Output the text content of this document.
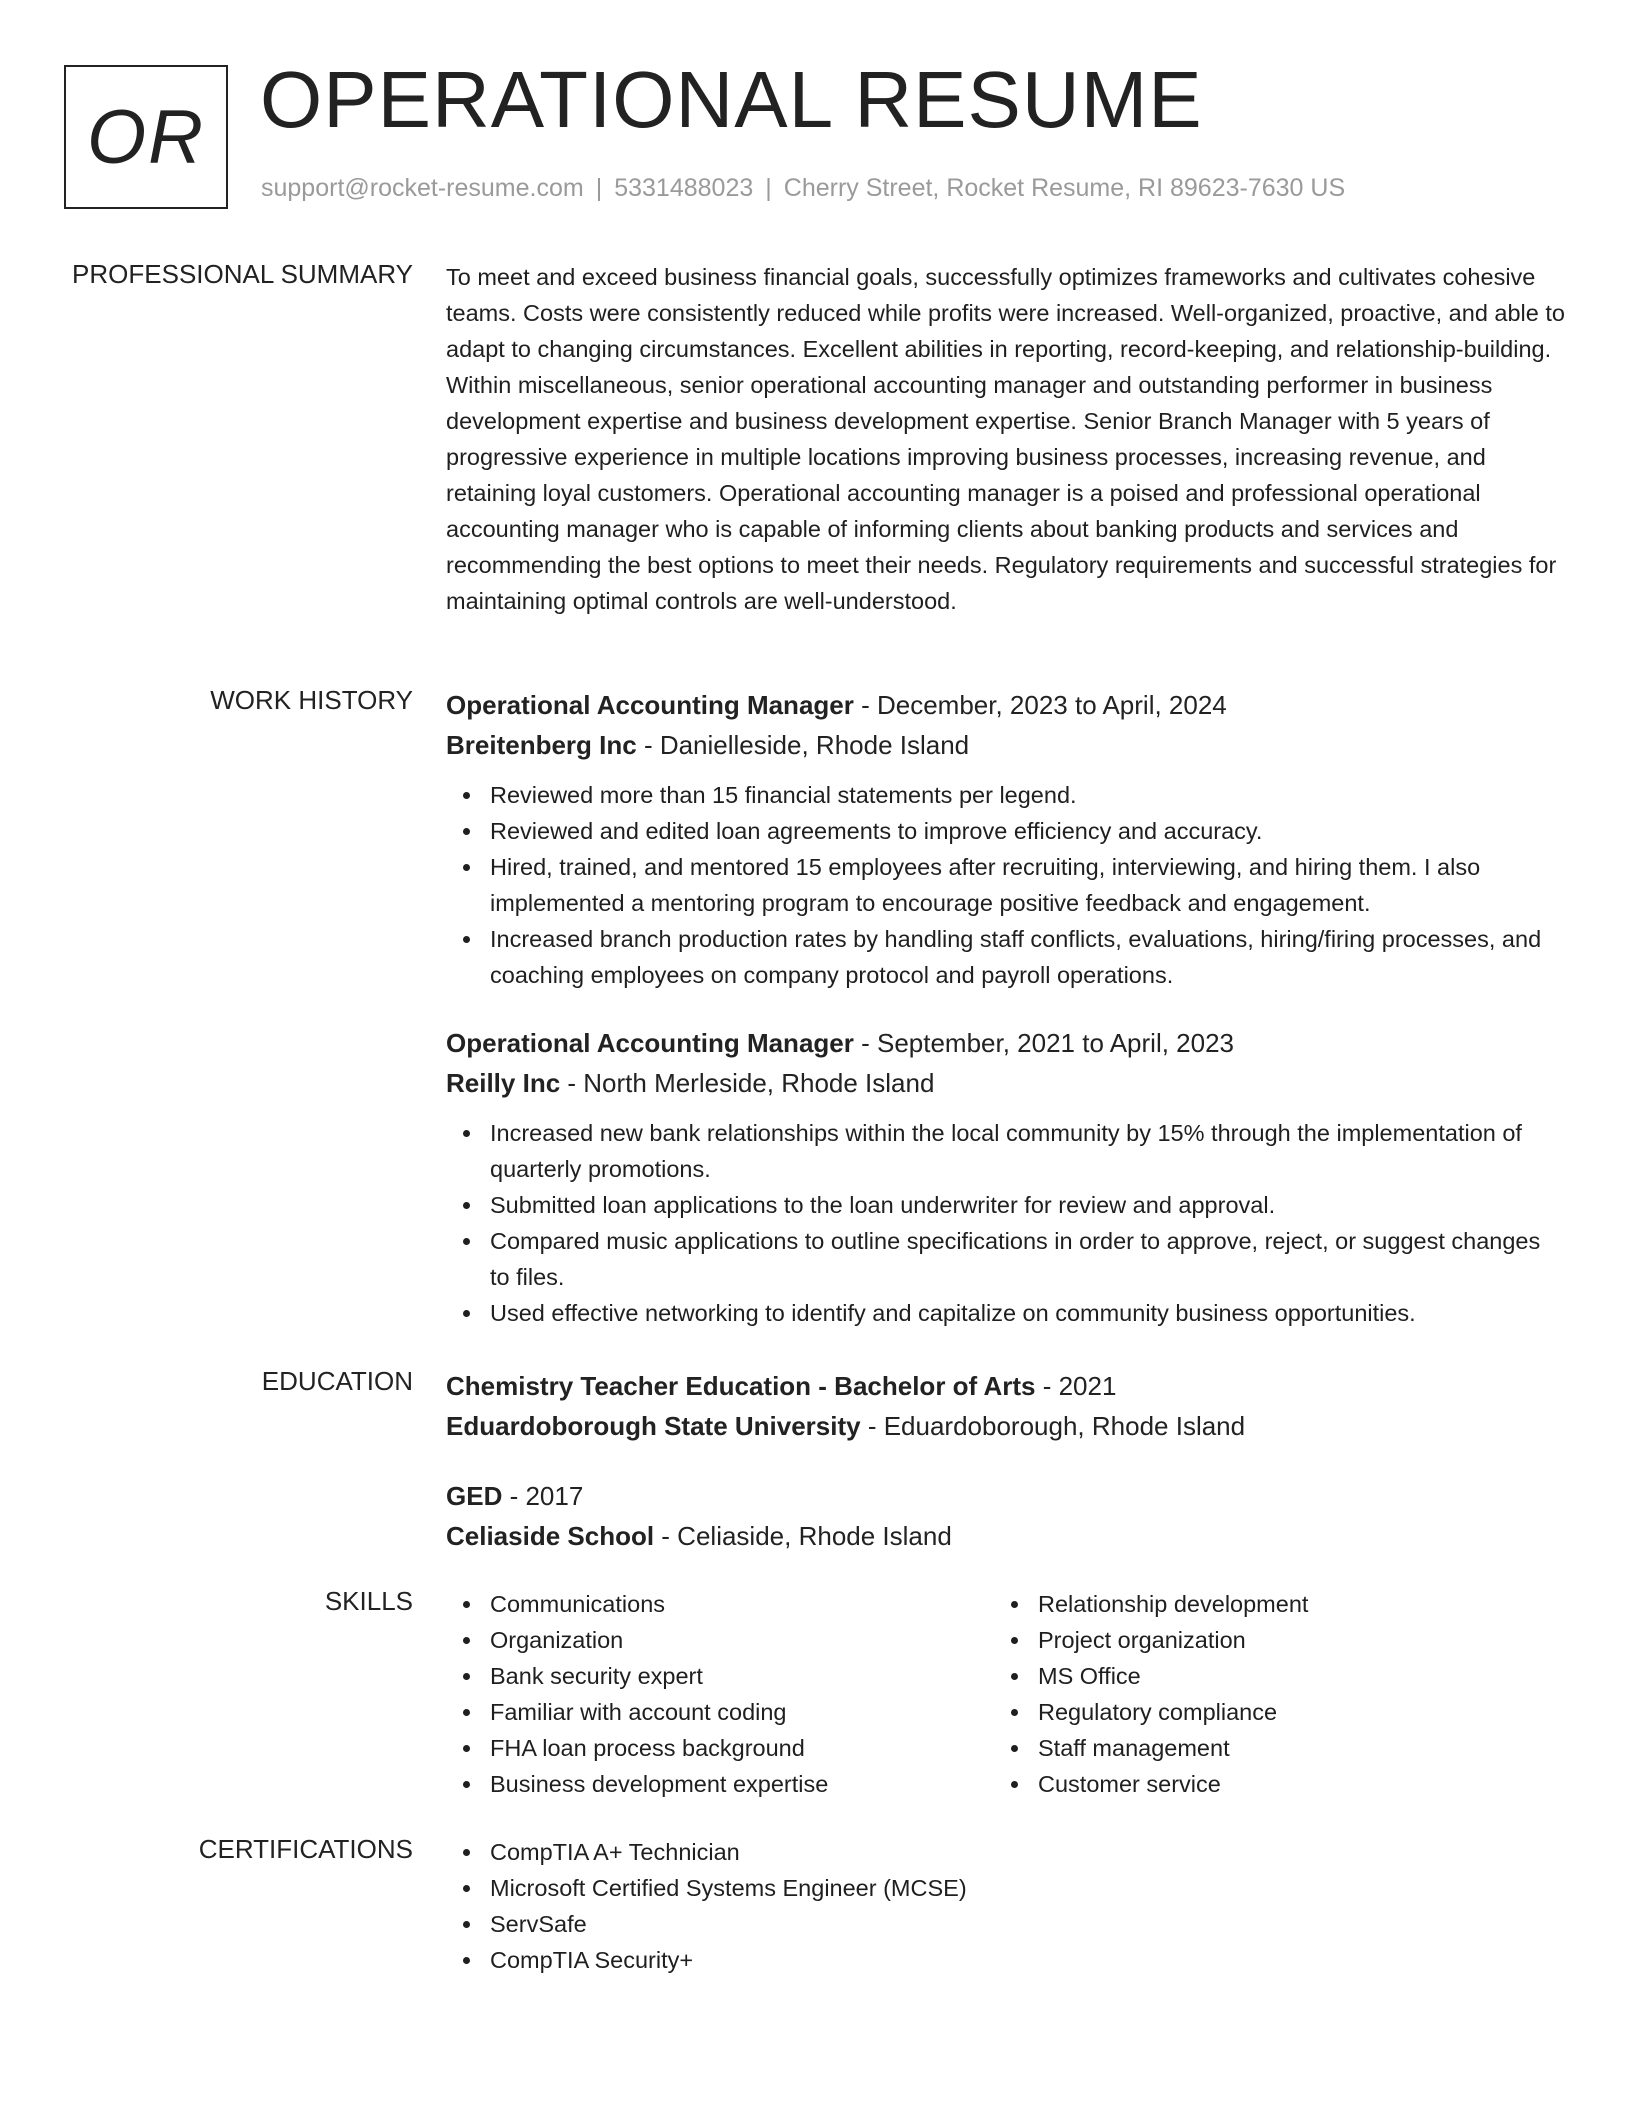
OR OPERATIONAL RESUME
support@rocket-resume.com | 5331488023 | Cherry Street, Rocket Resume, RI 89623-7630 US
PROFESSIONAL SUMMARY To meet and exceed business financial goals, successfully optimizes frameworks and cultivates cohesive teams. Costs were consistently reduced while profits were increased. Well-organized, proactive, and able to adapt to changing circumstances. Excellent abilities in reporting, record-keeping, and relationship-building. Within miscellaneous, senior operational accounting manager and outstanding performer in business development expertise and business development expertise. Senior Branch Manager with 5 years of progressive experience in multiple locations improving business processes, increasing revenue, and retaining loyal customers. Operational accounting manager is a poised and professional operational accounting manager who is capable of informing clients about banking products and services and recommending the best options to meet their needs. Regulatory requirements and successful strategies for maintaining optimal controls are well-understood.

WORK HISTORY Operational Accounting Manager - December, 2023 to April, 2024
Breitenberg Inc - Danielleside, Rhode Island
Reviewed more than 15 financial statements per legend.
Reviewed and edited loan agreements to improve efficiency and accuracy.
Hired, trained, and mentored 15 employees after recruiting, interviewing, and hiring them. I also implemented a mentoring program to encourage positive feedback and engagement.
Increased branch production rates by handling staff conflicts, evaluations, hiring/firing processes, and coaching employees on company protocol and payroll operations.
Operational Accounting Manager - September, 2021 to April, 2023
Reilly Inc - North Merleside, Rhode Island
Increased new bank relationships within the local community by 15% through the implementation of quarterly promotions.
Submitted loan applications to the loan underwriter for review and approval.
Compared music applications to outline specifications in order to approve, reject, or suggest changes to files.
Used effective networking to identify and capitalize on community business opportunities.
EDUCATION Chemistry Teacher Education - Bachelor of Arts - 2021
Eduardoborough State University - Eduardoborough, Rhode Island
GED - 2017
Celiaside School - Celiaside, Rhode Island
SKILLS	Communications
Organization
Bank security expert
Familiar with account coding
FHA loan process background
Business development expertise
Relationship development
Project organization
MS Office
Regulatory compliance
Staff management
Customer service
CERTIFICATIONS	CompTIA A+ Technician
Microsoft Certified Systems Engineer (MCSE)
ServSafe
CompTIA Security+
